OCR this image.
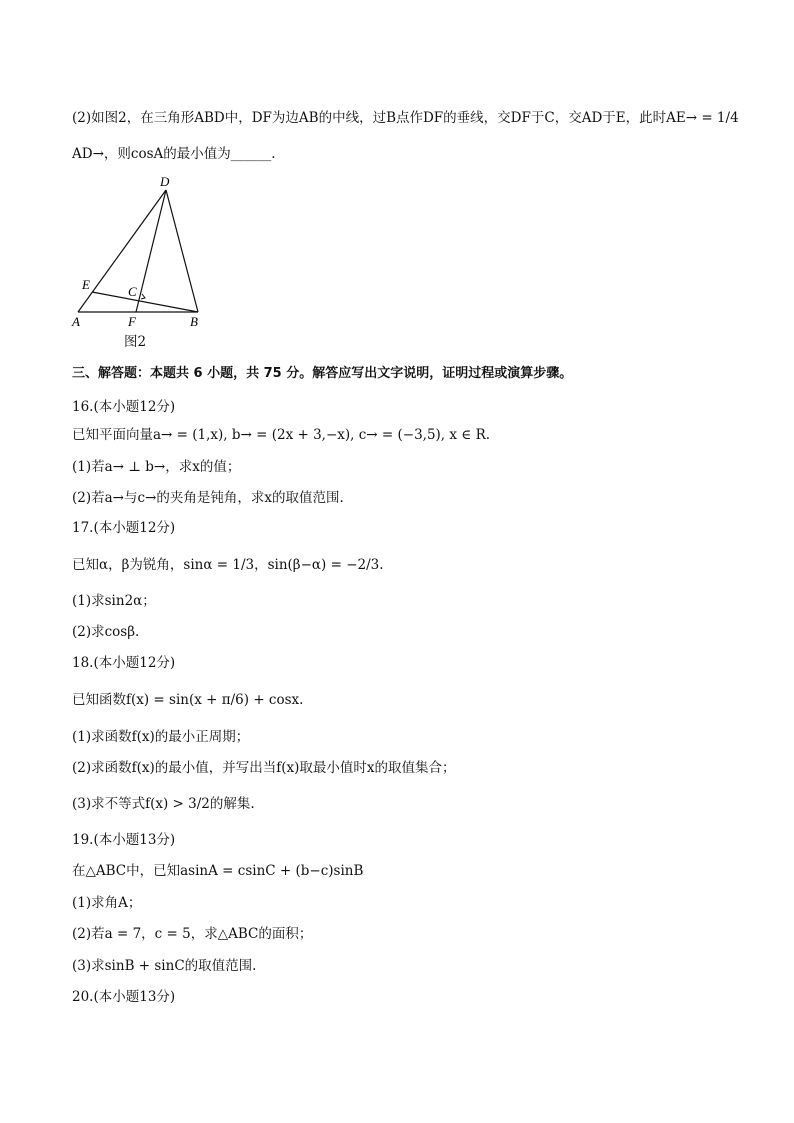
(2)如图2，在三角形ABD中，DF为边AB的中线，过B点作DF的垂线，交DF于C，交AD于E，此时AE→ = 1/4
AD→，则cosA的最小值为______.
D
E	C
A	F	B
图2
三、解答题：本题共 6 小题，共 75 分。解答应写出文字说明，证明过程或演算步骤。
16.(本小题12分)
已知平面向量a→ = (1,x), b→ = (2x + 3,−x), c→ = (−3,5), x ∈ R.
(1)若a→ ⊥ b→，求x的值；
(2)若a→与c→的夹角是钝角，求x的取值范围.
17.(本小题12分)
已知α，β为锐角，sinα = 1/3，sin(β−α) = −2/3.
(1)求sin2α；
(2)求cosβ.
18.(本小题12分)
已知函数f(x) = sin(x + π/6) + cosx.
(1)求函数f(x)的最小正周期；
(2)求函数f(x)的最小值，并写出当f(x)取最小值时x的取值集合；
(3)求不等式f(x) > 3/2的解集.
19.(本小题13分)
在△ABC中，已知asinA = csinC + (b−c)sinB
(1)求角A；
(2)若a = 7，c = 5，求△ABC的面积；
(3)求sinB + sinC的取值范围.
20.(本小题13分)
